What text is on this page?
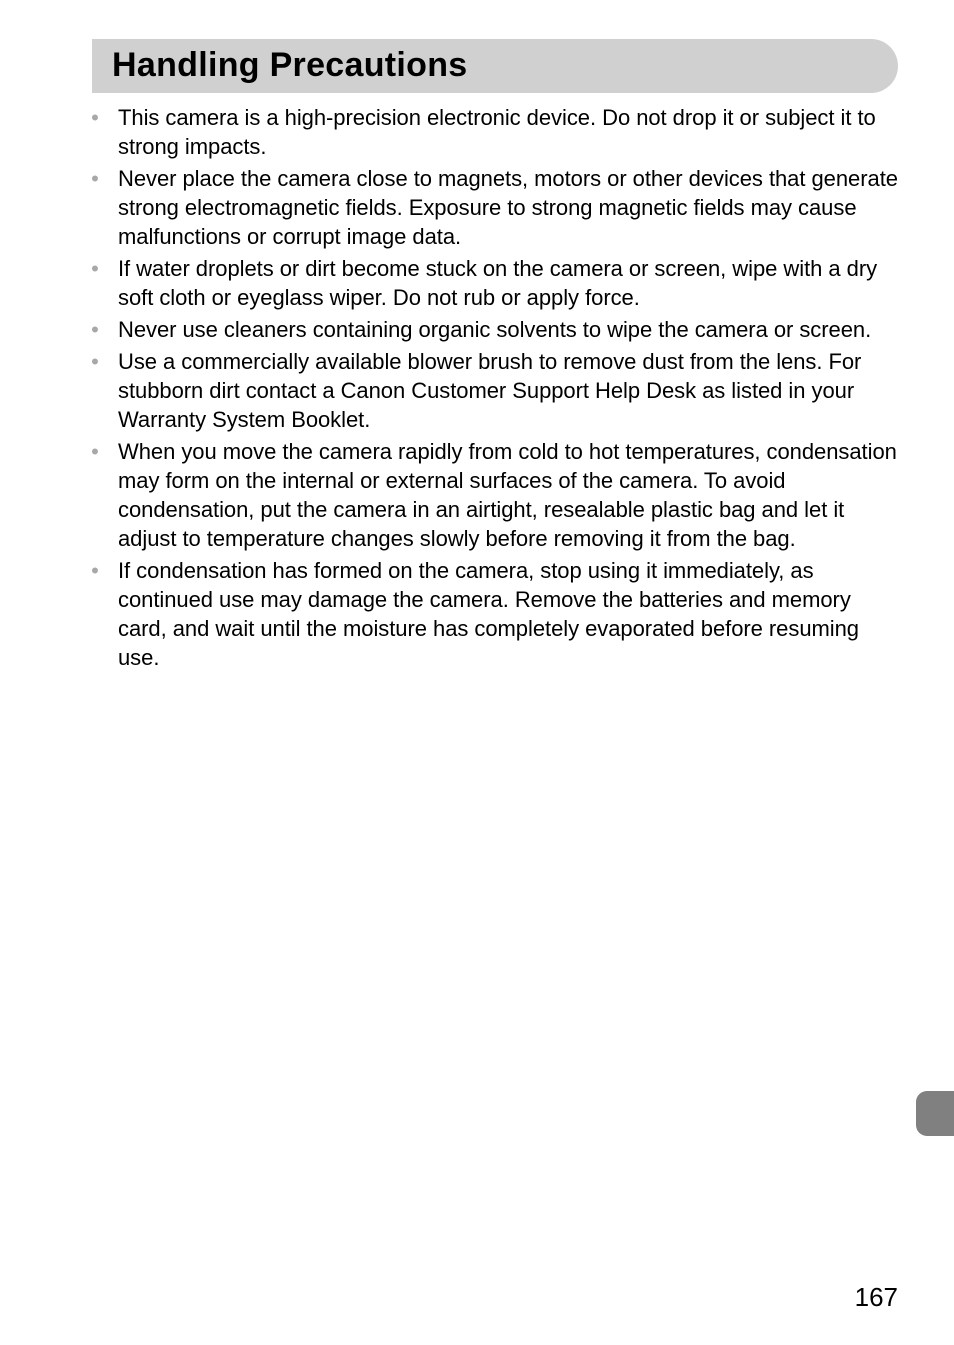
Handling Precautions
• This camera is a high-precision electronic device. Do not drop it or subject it to strong impacts.
• Never place the camera close to magnets, motors or other devices that generate strong electromagnetic fields. Exposure to strong magnetic fields may cause malfunctions or corrupt image data.
• If water droplets or dirt become stuck on the camera or screen, wipe with a dry soft cloth or eyeglass wiper. Do not rub or apply force.
• Never use cleaners containing organic solvents to wipe the camera or screen.
• Use a commercially available blower brush to remove dust from the lens. For stubborn dirt contact a Canon Customer Support Help Desk as listed in your Warranty System Booklet.
• When you move the camera rapidly from cold to hot temperatures, condensation may form on the internal or external surfaces of the camera. To avoid condensation, put the camera in an airtight, resealable plastic bag and let it adjust to temperature changes slowly before removing it from the bag.
• If condensation has formed on the camera, stop using it immediately, as continued use may damage the camera. Remove the batteries and memory card, and wait until the moisture has completely evaporated before resuming use.
167
